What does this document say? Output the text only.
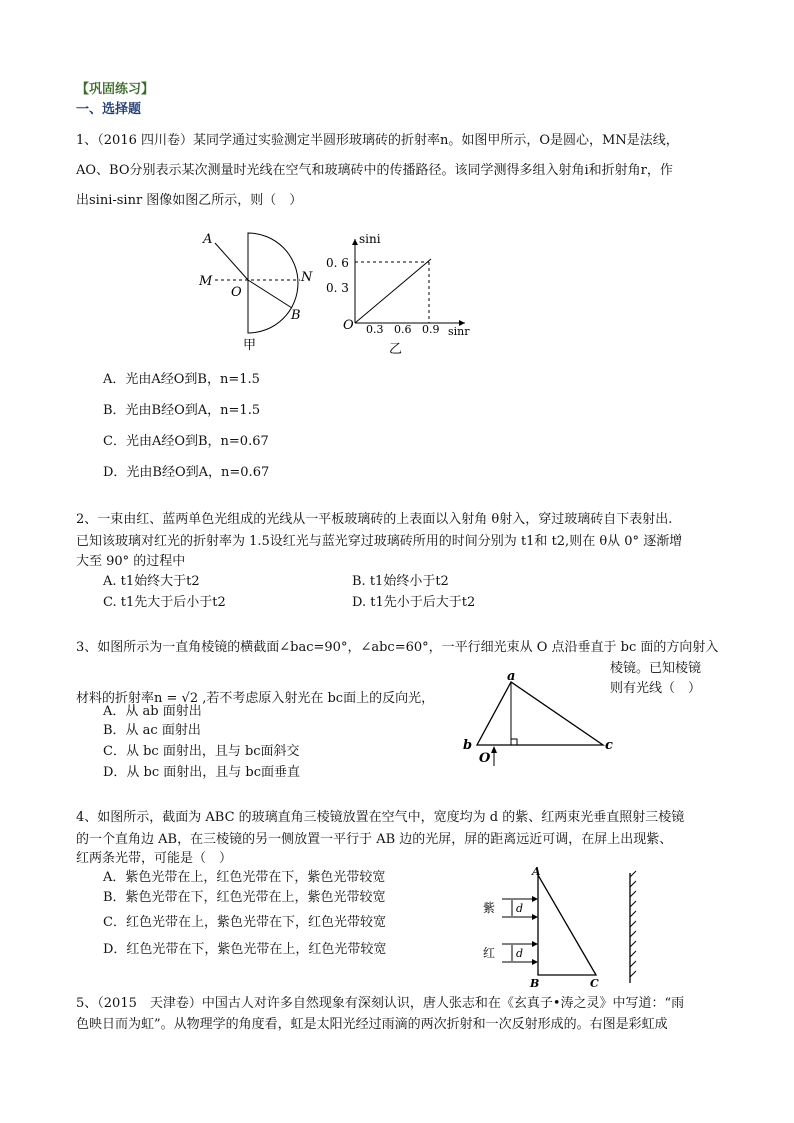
【巩固练习】
一、选择题
1、（2016 四川卷）某同学通过实验测定半圆形玻璃砖的折射率n。如图甲所示，O是圆心，MN是法线，
AO、BO分别表示某次测量时光线在空气和玻璃砖中的传播路径。该同学测得多组入射角i和折射角r，作
出sini-sinr 图像如图乙所示，则（　）
A
M
O
N
B
甲
sini
0. 6
0. 3
O 0.3 0.6 0.9 sinr
乙
A．光由A经O到B，n=1.5
B．光由B经O到A，n=1.5
C．光由A经O到B，n=0.67
D．光由B经O到A，n=0.67
2、一束由红、蓝两单色光组成的光线从一平板玻璃砖的上表面以入射角 θ射入，穿过玻璃砖自下表射出.
已知该玻璃对红光的折射率为 1.5设红光与蓝光穿过玻璃砖所用的时间分别为 t1和 t2,则在 θ从 0° 逐渐增
大至 90° 的过程中
A. t1始终大于t2	B. t1始终小于t2
C. t1先大于后小于t2	D. t1先小于后大于t2
3、如图所示为一直角棱镜的横截面∠bac=90°，∠abc=60°，一平行细光束从 O 点沿垂直于 bc 面的方向射入
棱镜。已知棱镜
材料的折射率n = √2 ,若不考虑原入射光在 bc面上的反向光，
则有光线（　）
A．从 ab 面射出
B．从 ac 面射出
C．从 bc 面射出，且与 bc面斜交
D．从 bc 面射出，且与 bc面垂直
a
b	c
O
4、如图所示，截面为 ABC 的玻璃直角三棱镜放置在空气中，宽度均为 d 的紫、红两束光垂直照射三棱镜
的一个直角边 AB，在三棱镜的另一侧放置一平行于 AB 边的光屏，屏的距离远近可调，在屏上出现紫、
红两条光带，可能是（　）
A．紫色光带在上，红色光带在下，紫色光带较宽
B．紫色光带在下，红色光带在上，紫色光带较宽
C．红色光带在上，紫色光带在下，红色光带较宽
D．红色光带在下，紫色光带在上，红色光带较宽
紫
红
d
d
A
B	C
5、（2015　天津卷）中国古人对许多自然现象有深刻认识，唐人张志和在《玄真子•涛之灵》中写道：“雨
色映日而为虹”。从物理学的角度看，虹是太阳光经过雨滴的两次折射和一次反射形成的。右图是彩虹成
